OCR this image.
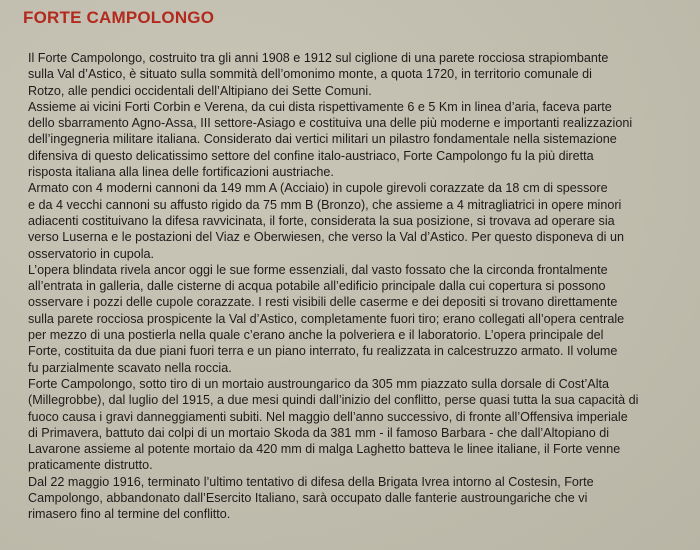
FORTE CAMPOLONGO
Il Forte Campolongo, costruito tra gli anni 1908 e 1912 sul ciglione di una parete rocciosa strapiombante
sulla Val d’Astico, è situato sulla sommità dell’omonimo monte, a quota 1720, in territorio comunale di
Rotzo, alle pendici occidentali dell’Altipiano dei Sette Comuni.
Assieme ai vicini Forti Corbin e Verena, da cui dista rispettivamente 6 e 5 Km in linea d’aria, faceva parte
dello sbarramento Agno-Assa, III settore-Asiago e costituiva una delle più moderne e importanti realizzazioni
dell’ingegneria militare italiana. Considerato dai vertici militari un pilastro fondamentale nella sistemazione
difensiva di questo delicatissimo settore del confine italo-austriaco, Forte Campolongo fu la più diretta
risposta italiana alla linea delle fortificazioni austriache.
Armato con 4 moderni cannoni da 149 mm A (Acciaio) in cupole girevoli corazzate da 18 cm di spessore
e da 4 vecchi cannoni su affusto rigido da 75 mm B (Bronzo), che assieme a 4 mitragliatrici in opere minori
adiacenti costituivano la difesa ravvicinata, il forte, considerata la sua posizione, si trovava ad operare sia
verso Luserna e le postazioni del Viaz e Oberwiesen, che verso la Val d’Astico. Per questo disponeva di un
osservatorio in cupola.
L’opera blindata rivela ancor oggi le sue forme essenziali, dal vasto fossato che la circonda frontalmente
all’entrata in galleria, dalle cisterne di acqua potabile all’edificio principale dalla cui copertura si possono
osservare i pozzi delle cupole corazzate. I resti visibili delle caserme e dei depositi si trovano direttamente
sulla parete rocciosa prospicente la Val d’Astico, completamente fuori tiro; erano collegati all’opera centrale
per mezzo di una postierla nella quale c’erano anche la polveriera e il laboratorio. L’opera principale del
Forte, costituita da due piani fuori terra e un piano interrato, fu realizzata in calcestruzzo armato. Il volume
fu parzialmente scavato nella roccia.
Forte Campolongo, sotto tiro di un mortaio austroungarico da 305 mm piazzato sulla dorsale di Cost’Alta
(Millegrobbe), dal luglio del 1915, a due mesi quindi dall’inizio del conflitto, perse quasi tutta la sua capacità di
fuoco causa i gravi danneggiamenti subiti. Nel maggio dell’anno successivo, di fronte all’Offensiva imperiale
di Primavera, battuto dai colpi di un mortaio Skoda da 381 mm - il famoso Barbara - che dall’Altopiano di
Lavarone assieme al potente mortaio da 420 mm di malga Laghetto batteva le linee italiane, il Forte venne
praticamente distrutto.
Dal 22 maggio 1916, terminato l’ultimo tentativo di difesa della Brigata Ivrea intorno al Costesin, Forte
Campolongo, abbandonato dall’Esercito Italiano, sarà occupato dalle fanterie austroungariche che vi
rimasero fino al termine del conflitto.
